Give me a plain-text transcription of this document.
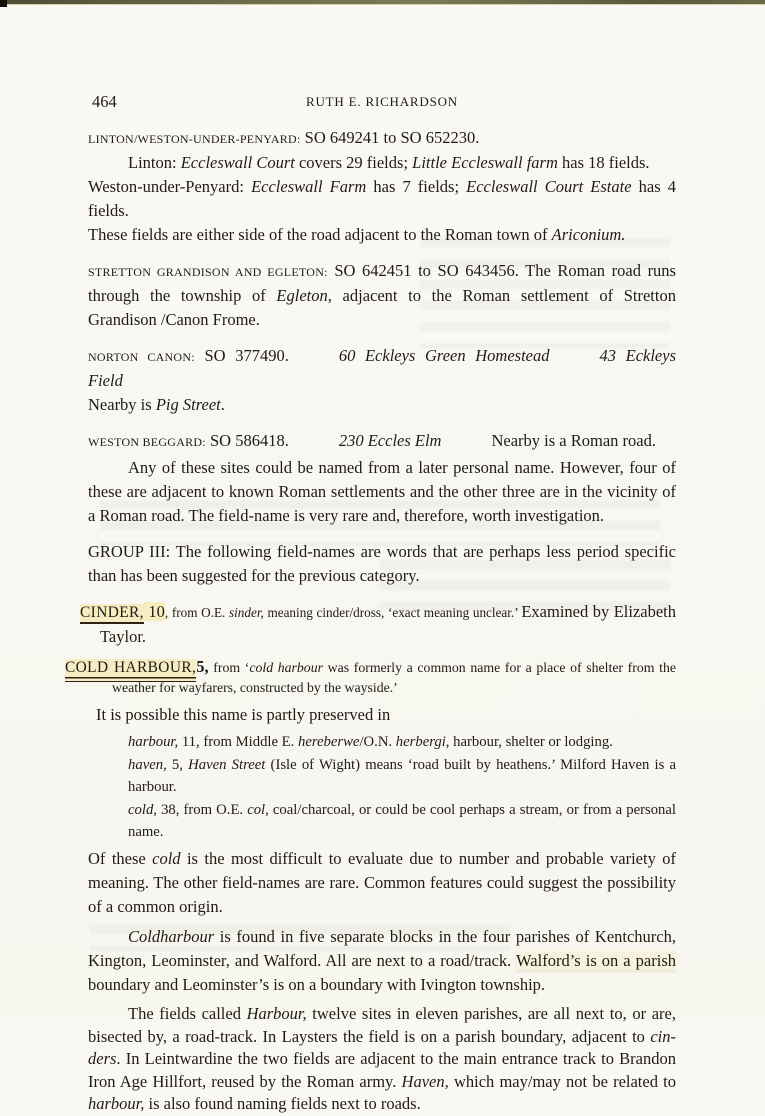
464	RUTH E. RICHARDSON

LINTON/WESTON-UNDER-PENYARD: SO 649241 to SO 652230.

Linton: Eccleswall Court covers 29 fields; Little Eccleswall farm has 18 fields.

Weston-under-Penyard: Eccleswall Farm has 7 fields; Eccleswall Court Estate has 4 fields.

These fields are either side of the road adjacent to the Roman town of Ariconium.

STRETTON GRANDISON AND EGLETON: SO 642451 to SO 643456. The Roman road runs through the township of Egleton, adjacent to the Roman settlement of Stretton Grandison /Canon Frome.

NORTON CANON: SO 377490.	60 Eckleys Green Homestead	43 Eckleys Field
Nearby is Pig Street.

WESTON BEGGARD: SO 586418.	230 Eccles Elm	Nearby is a Roman road.

Any of these sites could be named from a later personal name. However, four of these are adjacent to known Roman settlements and the other three are in the vicinity of a Roman road. The field-name is very rare and, therefore, worth investigation.

GROUP III: The following field-names are words that are perhaps less period specific than has been suggested for the previous category.

CINDER, 10, from O.E. sinder, meaning cinder/dross, ‘exact meaning unclear.’ Examined by Elizabeth Taylor.

COLD HARBOUR,5, from ‘cold harbour was formerly a common name for a place of shelter from the weather for wayfarers, constructed by the wayside.’

It is possible this name is partly preserved in

harbour, 11, from Middle E. hereberwe/O.N. herbergi, harbour, shelter or lodging.

haven, 5, Haven Street (Isle of Wight) means ‘road built by heathens.’ Milford Haven is a harbour.

cold, 38, from O.E. col, coal/charcoal, or could be cool perhaps a stream, or from a personal name.

Of these cold is the most difficult to evaluate due to number and probable variety of meaning. The other field-names are rare. Common features could suggest the possibility of a common origin.

Coldharbour is found in five separate blocks in the four parishes of Kentchurch, Kington, Leominster, and Walford. All are next to a road/track. Walford’s is on a parish boundary and Leominster’s is on a boundary with Ivington township.

The fields called Harbour, twelve sites in eleven parishes, are all next to, or are, bisected by, a road-track. In Laysters the field is on a parish boundary, adjacent to cin-ders. In Leintwardine the two fields are adjacent to the main entrance track to Brandon Iron Age Hillfort, reused by the Roman army. Haven, which may/may not be related to harbour, is also found naming fields next to roads.
